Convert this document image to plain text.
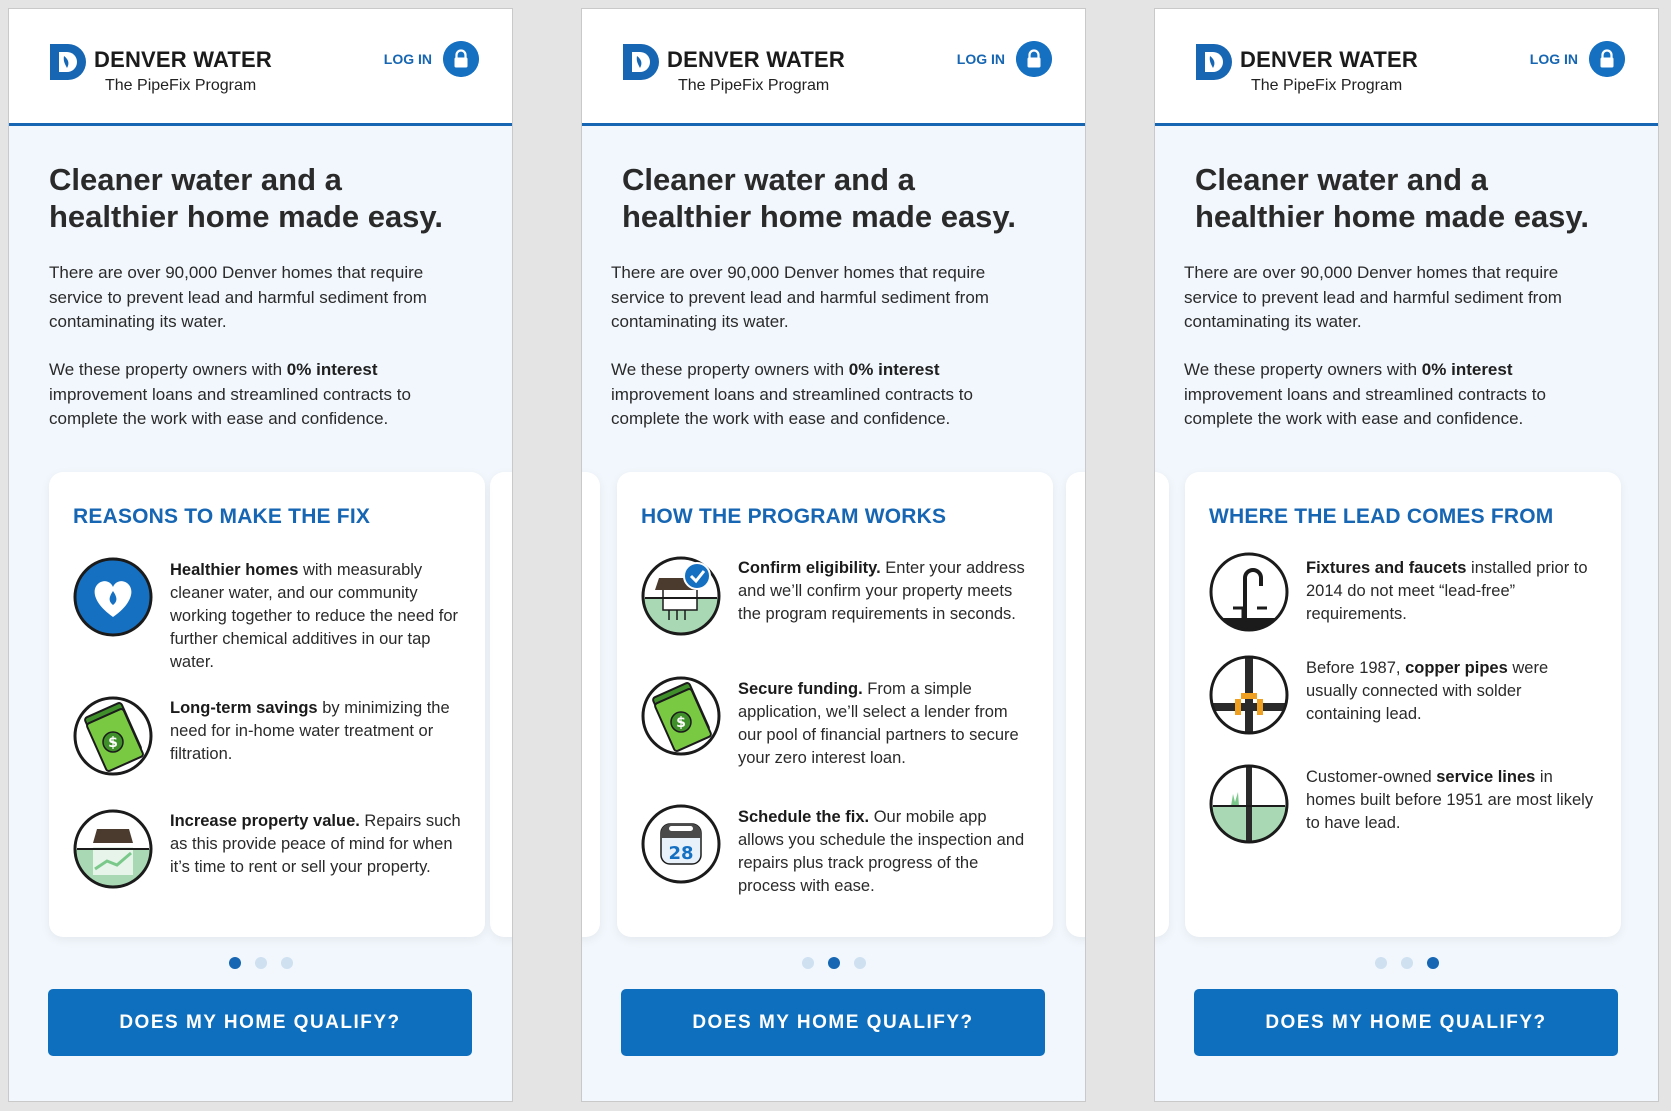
DENVER WATER
The PipeFix Program
LOG IN
Cleaner water and a healthier home made easy.
There are over 90,000 Denver homes that require service to prevent lead and harmful sediment from contaminating its water.
We these property owners with 0% interest improvement loans and streamlined contracts to complete the work with ease and confidence.
REASONS TO MAKE THE FIX
Healthier homes with measurably cleaner water, and our community working together to reduce the need for further chemical additives in our tap water.
$
Long-term savings by minimizing the need for in-home water treatment or filtration.
Increase property value. Repairs such as this provide peace of mind for when it’s time to rent or sell your property.
DOES MY HOME QUALIFY?
DENVER WATER
The PipeFix Program
LOG IN
Cleaner water and a healthier home made easy.
There are over 90,000 Denver homes that require service to prevent lead and harmful sediment from contaminating its water.
We these property owners with 0% interest improvement loans and streamlined contracts to complete the work with ease and confidence.
HOW THE PROGRAM WORKS
Confirm eligibility. Enter your address and we’ll confirm your property meets the program requirements in seconds.
$
Secure funding. From a simple application, we’ll select a lender from our pool of financial partners to secure your zero interest loan.
28
Schedule the fix. Our mobile app allows you schedule the inspection and repairs plus track progress of the process with ease.
DOES MY HOME QUALIFY?
DENVER WATER
The PipeFix Program
LOG IN
Cleaner water and a healthier home made easy.
There are over 90,000 Denver homes that require service to prevent lead and harmful sediment from contaminating its water.
We these property owners with 0% interest improvement loans and streamlined contracts to complete the work with ease and confidence.
WHERE THE LEAD COMES FROM
Fixtures and faucets installed prior to 2014 do not meet “lead-free” requirements.
Before 1987, copper pipes were usually connected with solder containing lead.
Customer-owned service lines in homes built before 1951 are most likely to have lead.
DOES MY HOME QUALIFY?
